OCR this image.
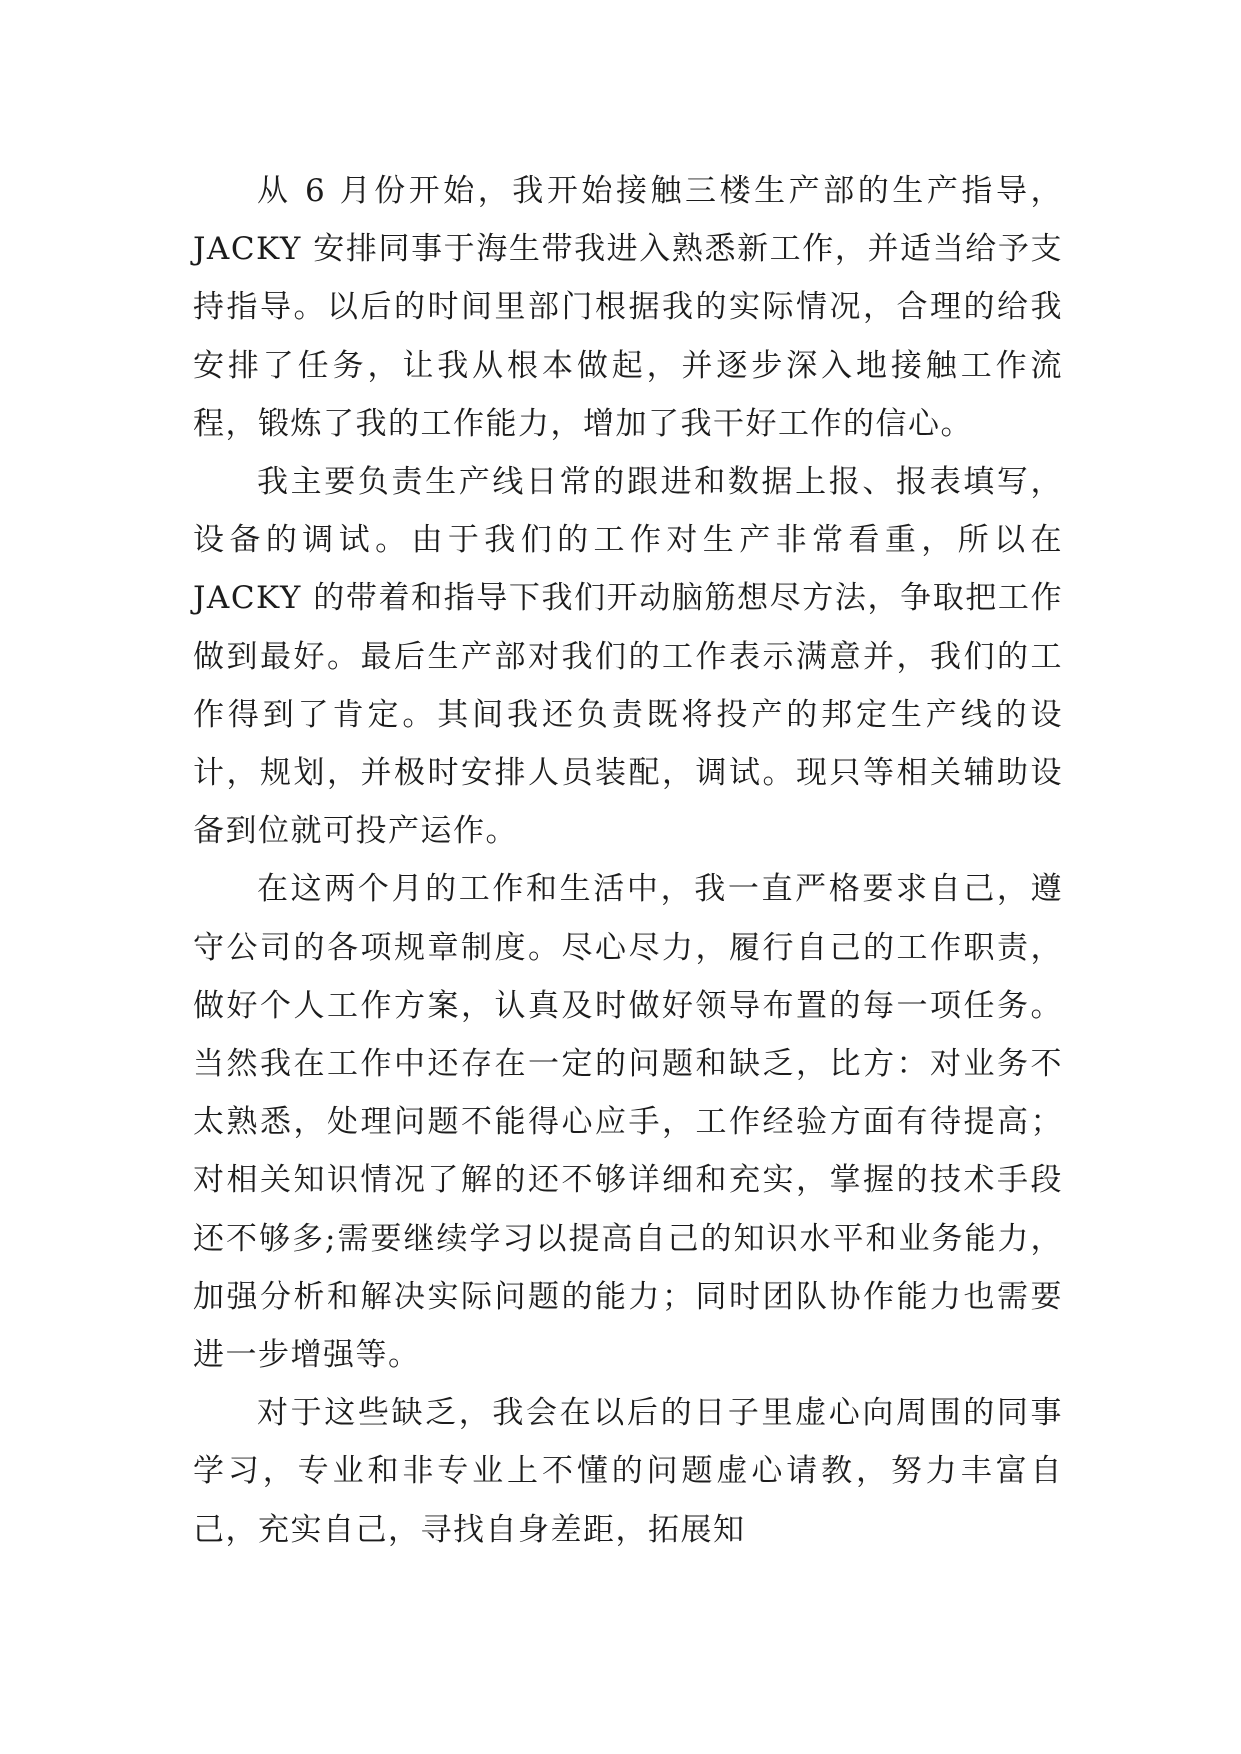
从 6 月份开始，我开始接触三楼生产部的生产指导，JACKY 安排同事于海生带我进入熟悉新工作，并适当给予支持指导。以后的时间里部门根据我的实际情况，合理的给我安排了任务，让我从根本做起，并逐步深入地接触工作流程，锻炼了我的工作能力，增加了我干好工作的信心。

我主要负责生产线日常的跟进和数据上报、报表填写，设备的调试。由于我们的工作对生产非常看重，所以在 JACKY 的带着和指导下我们开动脑筋想尽方法，争取把工作做到最好。最后生产部对我们的工作表示满意并，我们的工作得到了肯定。其间我还负责既将投产的邦定生产线的设计，规划，并极时安排人员装配，调试。现只等相关辅助设备到位就可投产运作。

在这两个月的工作和生活中，我一直严格要求自己，遵守公司的各项规章制度。尽心尽力，履行自己的工作职责，做好个人工作方案，认真及时做好领导布置的每一项任务。当然我在工作中还存在一定的问题和缺乏，比方：对业务不太熟悉，处理问题不能得心应手，工作经验方面有待提高；对相关知识情况了解的还不够详细和充实，掌握的技术手段还不够多;需要继续学习以提高自己的知识水平和业务能力，加强分析和解决实际问题的能力；同时团队协作能力也需要进一步增强等。

对于这些缺乏，我会在以后的日子里虚心向周围的同事学习，专业和非专业上不懂的问题虚心请教，努力丰富自己，充实自己，寻找自身差距，拓展知
